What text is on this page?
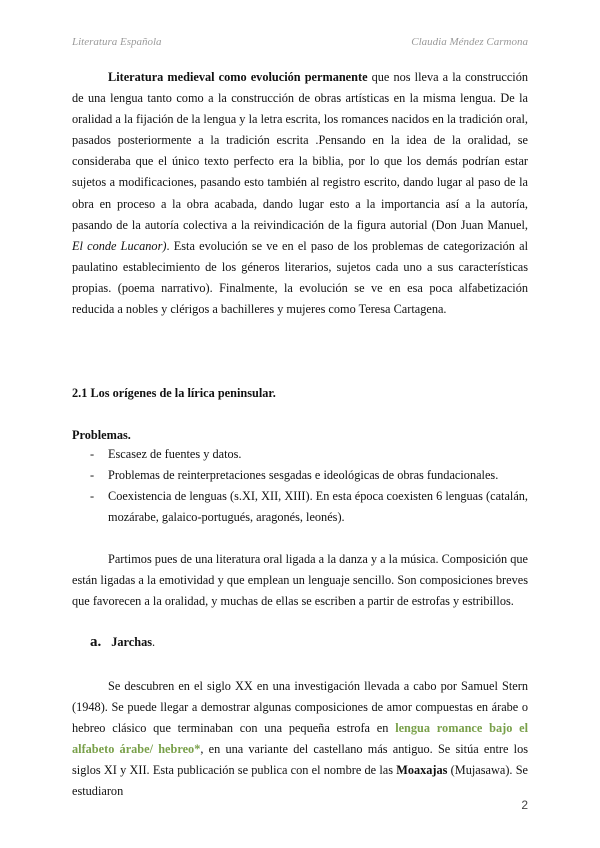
Literatura Española	Claudia Méndez Carmona

Literatura medieval como evolución permanente que nos lleva a la construcción de una lengua tanto como a la construcción de obras artísticas en la misma lengua. De la oralidad a la fijación de la lengua y la letra escrita, los romances nacidos en la tradición oral, pasados posteriormente a la tradición escrita .Pensando en la idea de la oralidad, se consideraba que el único texto perfecto era la biblia, por lo que los demás podrían estar sujetos a modificaciones, pasando esto también al registro escrito, dando lugar al paso de la obra en proceso a la obra acabada, dando lugar esto a la importancia así a la autoría, pasando de la autoría colectiva a la reivindicación de la figura autorial (Don Juan Manuel, El conde Lucanor). Esta evolución se ve en el paso de los problemas de categorización al paulatino establecimiento de los géneros literarios, sujetos cada uno a sus características propias. (poema narrativo). Finalmente, la evolución se ve en esa poca alfabetización reducida a nobles y clérigos a bachilleres y mujeres como Teresa Cartagena.

2.1 Los orígenes de la lírica peninsular.

Problemas.

- Escasez de fuentes y datos.
- Problemas de reinterpretaciones sesgadas e ideológicas de obras fundacionales.
- Coexistencia de lenguas (s.XI, XII, XIII). En esta época coexisten 6 lenguas (catalán, mozárabe, galaico-portugués, aragonés, leonés).

Partimos pues de una literatura oral ligada a la danza y a la música. Composición que están ligadas a la emotividad y que emplean un lenguaje sencillo. Son composiciones breves que favorecen a la oralidad, y muchas de ellas se escriben a partir de estrofas y estribillos.

a. Jarchas.

Se descubren en el siglo XX en una investigación llevada a cabo por Samuel Stern (1948). Se puede llegar a demostrar algunas composiciones de amor compuestas en árabe o hebreo clásico que terminaban con una pequeña estrofa en lengua romance bajo el alfabeto árabe/ hebreo*, en una variante del castellano más antiguo. Se sitúa entre los siglos XI y XII. Esta publicación se publica con el nombre de las Moaxajas (Mujasawa). Se estudiaron

2
